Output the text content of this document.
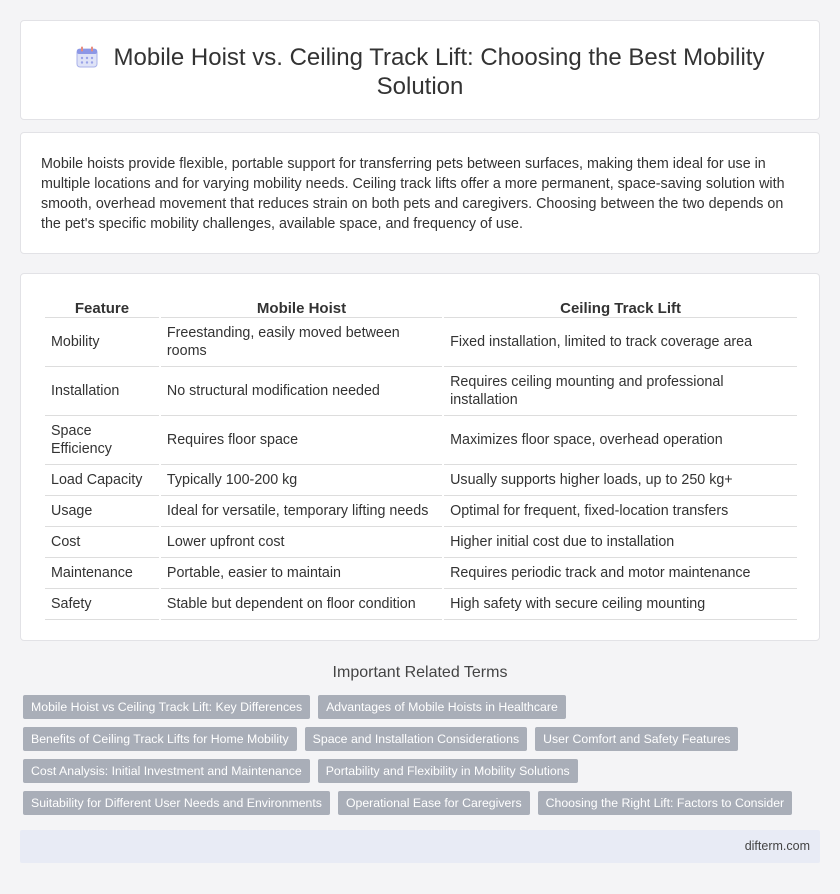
Mobile Hoist vs. Ceiling Track Lift: Choosing the Best Mobility Solution

Mobile hoists provide flexible, portable support for transferring pets between surfaces, making them ideal for use in multiple locations and for varying mobility needs. Ceiling track lifts offer a more permanent, space-saving solution with smooth, overhead movement that reduces strain on both pets and caregivers. Choosing between the two depends on the pet's specific mobility challenges, available space, and frequency of use.

Feature	Mobile Hoist	Ceiling Track Lift
Mobility	Freestanding, easily moved between rooms	Fixed installation, limited to track coverage area
Installation	No structural modification needed	Requires ceiling mounting and professional installation
Space Efficiency	Requires floor space	Maximizes floor space, overhead operation
Load Capacity	Typically 100-200 kg	Usually supports higher loads, up to 250 kg+
Usage	Ideal for versatile, temporary lifting needs	Optimal for frequent, fixed-location transfers
Cost	Lower upfront cost	Higher initial cost due to installation
Maintenance	Portable, easier to maintain	Requires periodic track and motor maintenance
Safety	Stable but dependent on floor condition	High safety with secure ceiling mounting
Important Related Terms
Mobile Hoist vs Ceiling Track Lift: Key Differences	Advantages of Mobile Hoists in Healthcare
Benefits of Ceiling Track Lifts for Home Mobility	Space and Installation Considerations	User Comfort and Safety Features
Cost Analysis: Initial Investment and Maintenance	Portability and Flexibility in Mobility Solutions
Suitability for Different User Needs and Environments	Operational Ease for Caregivers	Choosing the Right Lift: Factors to Consider
difterm.com
